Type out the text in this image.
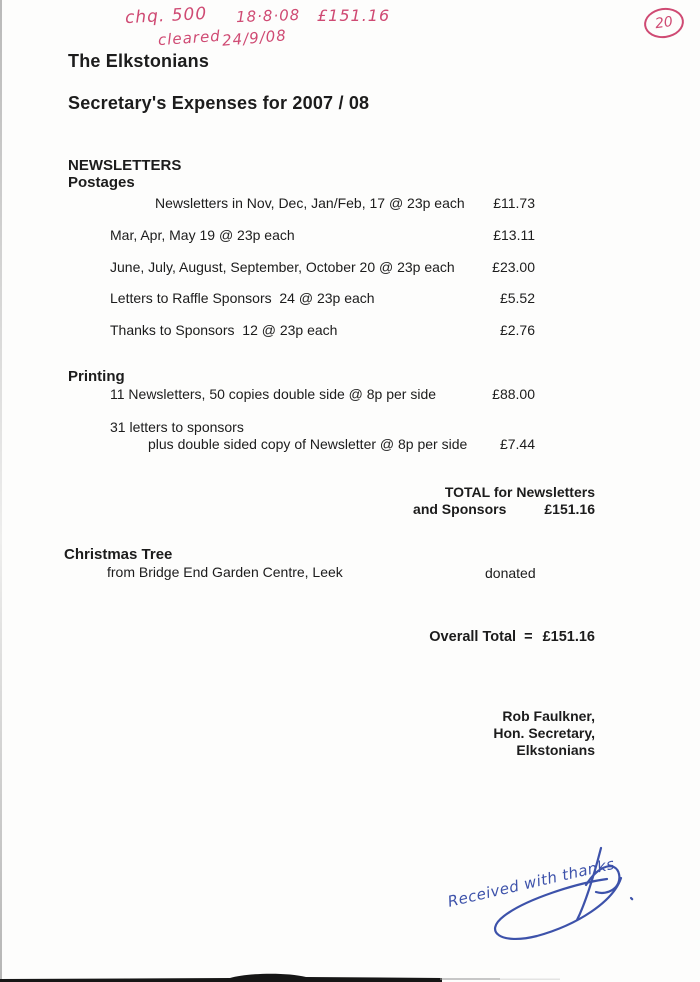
chq. 500 18·8·08 £151.16
cleared 24/9/08
20
The Elkstonians
Secretary's Expenses for 2007 / 08
NEWSLETTERS
Postages
Newsletters in Nov, Dec, Jan/Feb, 17 @ 23p each £11.73
Mar, Apr, May 19 @ 23p each	£13.11
June, July, August, September, October 20 @ 23p each	£23.00
Letters to Raffle Sponsors  24 @ 23p each	£5.52
Thanks to Sponsors  12 @ 23p each	£2.76
Printing
11 Newsletters, 50 copies double side @ 8p per side	£88.00
31 letters to sponsors
plus double sided copy of Newsletter @ 8p per side £7.44
TOTAL for Newsletters
and Sponsors	£151.16
Christmas Tree
from Bridge End Garden Centre, Leek	donated
Overall Total  = £151.16
Rob Faulkner,
Hon. Secretary,
Elkstonians
Received with thanks
